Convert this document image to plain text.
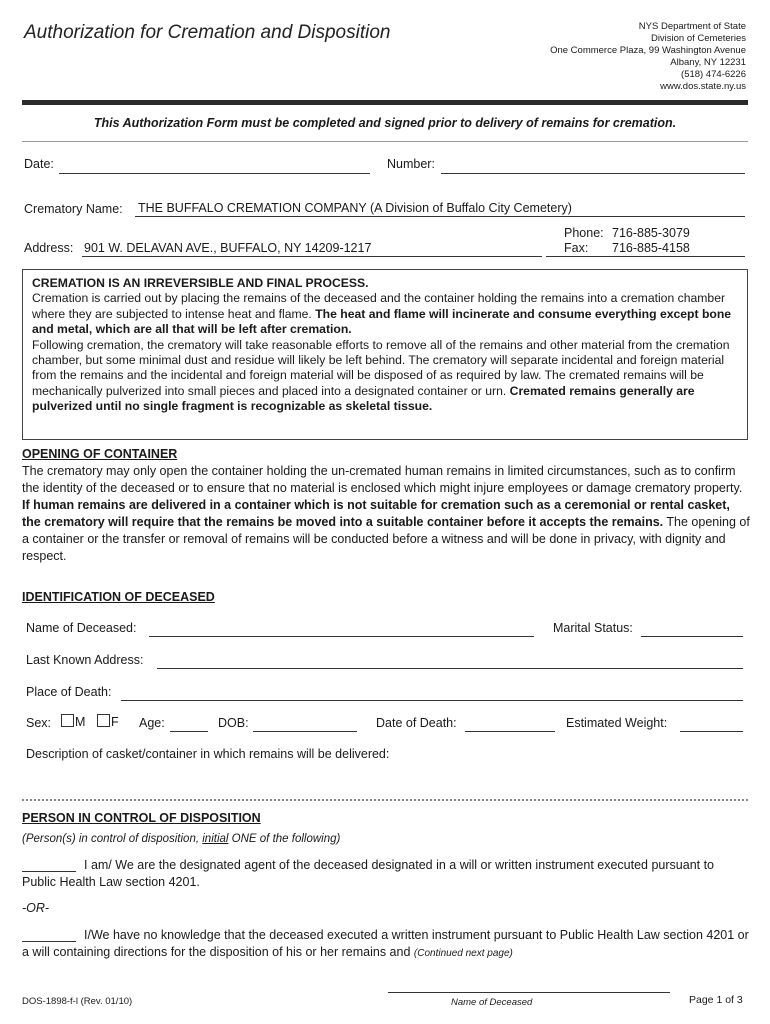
Authorization for Cremation and Disposition	NYS Department of State
Division of Cemeteries
One Commerce Plaza, 99 Washington Avenue
Albany, NY 12231
(518) 474-6226
www.dos.state.ny.us
This Authorization Form must be completed and signed prior to delivery of remains for cremation.
Date:	Number:
Crematory Name: THE BUFFALO CREMATION COMPANY (A Division of Buffalo City Cemetery)
Address: 901 W. DELAVAN AVE., BUFFALO, NY 14209-1217
Phone: 716-885-3079
Fax: 716-885-4158
CREMATION IS AN IRREVERSIBLE AND FINAL PROCESS.
Cremation is carried out by placing the remains of the deceased and the container holding the remains into a cremation chamber where they are subjected to intense heat and flame. The heat and flame will incinerate and consume everything except bone and metal, which are all that will be left after cremation.
Following cremation, the crematory will take reasonable efforts to remove all of the remains and other material from the cremation chamber, but some minimal dust and residue will likely be left behind. The crematory will separate incidental and foreign material from the remains and the incidental and foreign material will be disposed of as required by law. The cremated remains will be mechanically pulverized into small pieces and placed into a designated container or urn. Cremated remains generally are pulverized until no single fragment is recognizable as skeletal tissue.
OPENING OF CONTAINER
The crematory may only open the container holding the un-cremated human remains in limited circumstances, such as to confirm the identity of the deceased or to ensure that no material is enclosed which might injure employees or damage crematory property. If human remains are delivered in a container which is not suitable for cremation such as a ceremonial or rental casket, the crematory will require that the remains be moved into a suitable container before it accepts the remains. The opening of a container or the transfer or removal of remains will be conducted before a witness and will be done in privacy, with dignity and respect.
IDENTIFICATION OF DECEASED
Name of Deceased:	Marital Status:
Last Known Address:
Place of Death:
Sex:	M	F Age:	DOB:	Date of Death:	Estimated Weight:
Description of casket/container in which remains will be delivered:
PERSON IN CONTROL OF DISPOSITION
(Person(s) in control of disposition, initial ONE of the following)
I am/ We are the designated agent of the deceased designated in a will or written instrument executed pursuant to Public Health Law section 4201.
-OR-
I/We have no knowledge that the deceased executed a written instrument pursuant to Public Health Law section 4201 or a will containing directions for the disposition of his or her remains and (Continued next page)
DOS-1898-f-l (Rev. 01/10)	Name of Deceased	Page 1 of 3
